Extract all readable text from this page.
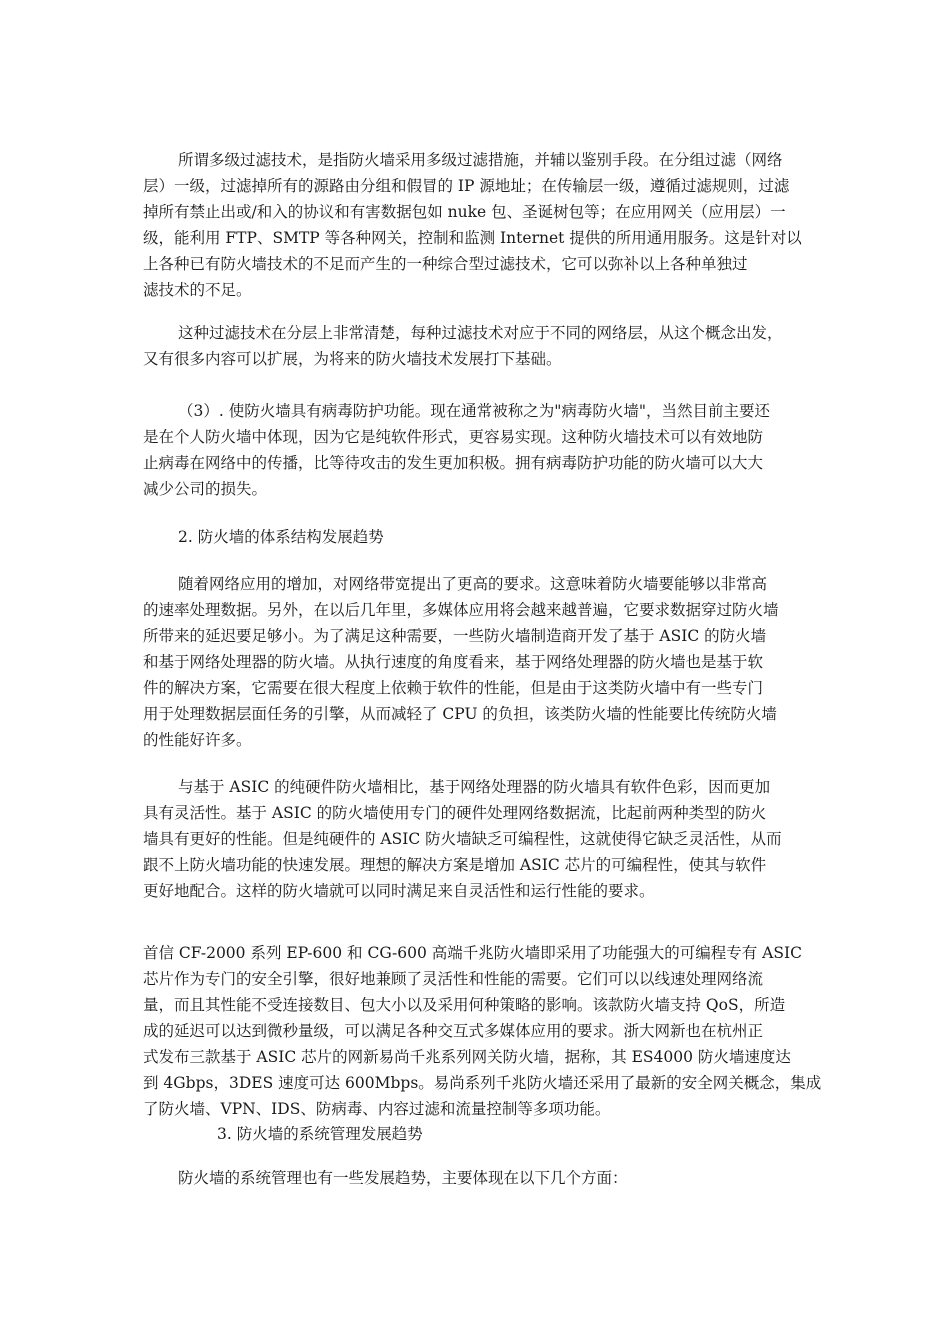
所谓多级过滤技术，是指防火墙采用多级过滤措施，并辅以鉴别手段。在分组过滤（网络
层）一级，过滤掉所有的源路由分组和假冒的 IP 源地址；在传输层一级，遵循过滤规则，过滤
掉所有禁止出或/和入的协议和有害数据包如 nuke 包、圣诞树包等；在应用网关（应用层）一
级，能利用 FTP、SMTP 等各种网关，控制和监测 Internet 提供的所用通用服务。这是针对以
上各种已有防火墙技术的不足而产生的一种综合型过滤技术，它可以弥补以上各种单独过
滤技术的不足。
这种过滤技术在分层上非常清楚，每种过滤技术对应于不同的网络层，从这个概念出发，
又有很多内容可以扩展，为将来的防火墙技术发展打下基础。
（3）. 使防火墙具有病毒防护功能。现在通常被称之为"病毒防火墙"，当然目前主要还
是在个人防火墙中体现，因为它是纯软件形式，更容易实现。这种防火墙技术可以有效地防
止病毒在网络中的传播，比等待攻击的发生更加积极。拥有病毒防护功能的防火墙可以大大
减少公司的损失。
2. 防火墙的体系结构发展趋势
随着网络应用的增加，对网络带宽提出了更高的要求。这意味着防火墙要能够以非常高
的速率处理数据。另外，在以后几年里，多媒体应用将会越来越普遍，它要求数据穿过防火墙
所带来的延迟要足够小。为了满足这种需要，一些防火墙制造商开发了基于 ASIC 的防火墙
和基于网络处理器的防火墙。从执行速度的角度看来，基于网络处理器的防火墙也是基于软
件的解决方案，它需要在很大程度上依赖于软件的性能，但是由于这类防火墙中有一些专门
用于处理数据层面任务的引擎，从而减轻了 CPU 的负担，该类防火墙的性能要比传统防火墙
的性能好许多。
与基于 ASIC 的纯硬件防火墙相比，基于网络处理器的防火墙具有软件色彩，因而更加
具有灵活性。基于 ASIC 的防火墙使用专门的硬件处理网络数据流，比起前两种类型的防火
墙具有更好的性能。但是纯硬件的 ASIC 防火墙缺乏可编程性，这就使得它缺乏灵活性，从而
跟不上防火墙功能的快速发展。理想的解决方案是增加 ASIC 芯片的可编程性，使其与软件
更好地配合。这样的防火墙就可以同时满足来自灵活性和运行性能的要求。
首信 CF-2000 系列 EP-600 和 CG-600 高端千兆防火墙即采用了功能强大的可编程专有 ASIC
芯片作为专门的安全引擎，很好地兼顾了灵活性和性能的需要。它们可以以线速处理网络流
量，而且其性能不受连接数目、包大小以及采用何种策略的影响。该款防火墙支持 QoS，所造
成的延迟可以达到微秒量级，可以满足各种交互式多媒体应用的要求。浙大网新也在杭州正
式发布三款基于 ASIC 芯片的网新易尚千兆系列网关防火墙，据称，其 ES4000 防火墙速度达
到 4Gbps，3DES 速度可达 600Mbps。易尚系列千兆防火墙还采用了最新的安全网关概念，集成
了防火墙、VPN、IDS、防病毒、内容过滤和流量控制等多项功能。
3. 防火墙的系统管理发展趋势
防火墙的系统管理也有一些发展趋势，主要体现在以下几个方面：
